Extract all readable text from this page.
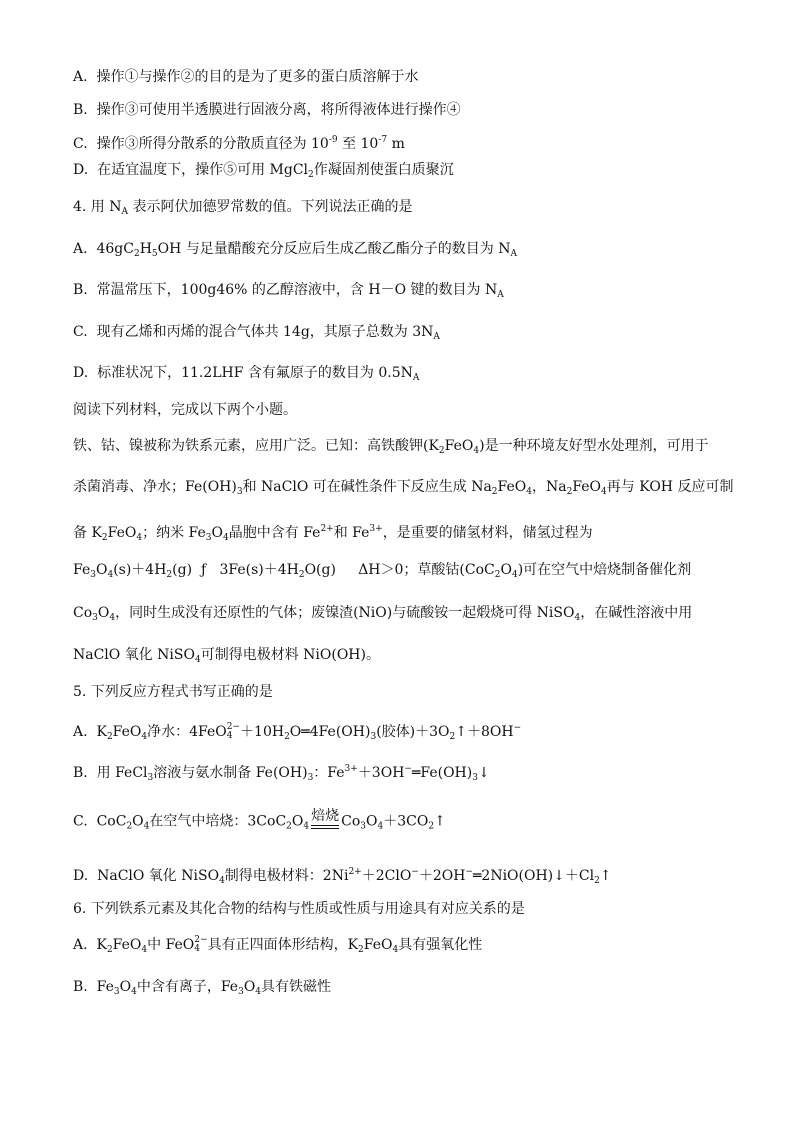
A. 操作①与操作②的目的是为了更多的蛋白质溶解于水
B. 操作③可使用半透膜进行固液分离，将所得液体进行操作④
C. 操作③所得分散系的分散质直径为 $10^{-9}$ 至 $10^{-7}$ m
D. 在适宜温度下，操作⑤可用 MgCl$_2$作凝固剂使蛋白质聚沉
4. 用 $N_A$ 表示阿伏加德罗常数的值。下列说法正确的是
A. $46gC_2H_5OH$ 与足量醋酸充分反应后生成乙酸乙酯分子的数目为 $N_A$
B. 常温常压下，100g46% 的乙醇溶液中，含 H－O 键的数目为 $N_A$
C. 现有乙烯和丙烯的混合气体共 14g，其原子总数为 $3N_A$
D. 标准状况下，11.2LHF 含有氟原子的数目为 $0.5N_A$
阅读下列材料，完成以下两个小题。
铁、钴、镍被称为铁系元素，应用广泛。已知：高铁酸钾$(K_2FeO_4)$是一种环境友好型水处理剂，可用于
杀菌消毒、净水；$Fe(OH)_3$和 NaClO 可在碱性条件下反应生成 $Na_2FeO_4$，$Na_2FeO_4$再与 KOH 反应可制
备 $K_2FeO_4$；纳米 $Fe_3O_4$晶胞中含有 $Fe^{2+}$和 $Fe^{3+}$，是重要的储氢材料，储氢过程为
$Fe_3O_4(s)+4H_2(g)$  ƒ   $3Fe(s)+4H_2O(g)$     ΔH＞0；草酸钴$(CoC_2O_4)$可在空气中焙烧制备催化剂
$Co_3O_4$，同时生成没有还原性的气体；废镍渣(NiO)与硫酸铵一起煅烧可得 NiSO$_4$，在碱性溶液中用
NaClO 氧化 NiSO$_4$可制得电极材料 NiO(OH)。
5. 下列反应方程式书写正确的是
A. $K_2FeO_4$净水：4FeO 2−
$4 +10H_2O═4Fe(OH)_3$(胶体)$+3O_2↑+8OH^-$
B. 用 FeCl$_3$溶液与氨水制备 $Fe(OH)_3$：$Fe^{3+}+3OH^-═Fe(OH)_3↓$
C. $CoC_2O_4$在空气中培烧：$3CoC_2O_4$
焙烧 $Co_3O_4+3CO_2↑$
D. NaClO 氧化 NiSO$_4$制得电极材料：$2Ni^{2+}+2ClO^-+2OH^-═2NiO(OH)↓+Cl_2↑$
6. 下列铁系元素及其化合物的结构与性质或性质与用途具有对应关系的是
A. $K_2FeO_4$中 FeO 2−
4 具有正四面体形结构，$K_2FeO_4$具有强氧化性
B. $Fe_3O_4$中含有离子，$Fe_3O_4$具有铁磁性
